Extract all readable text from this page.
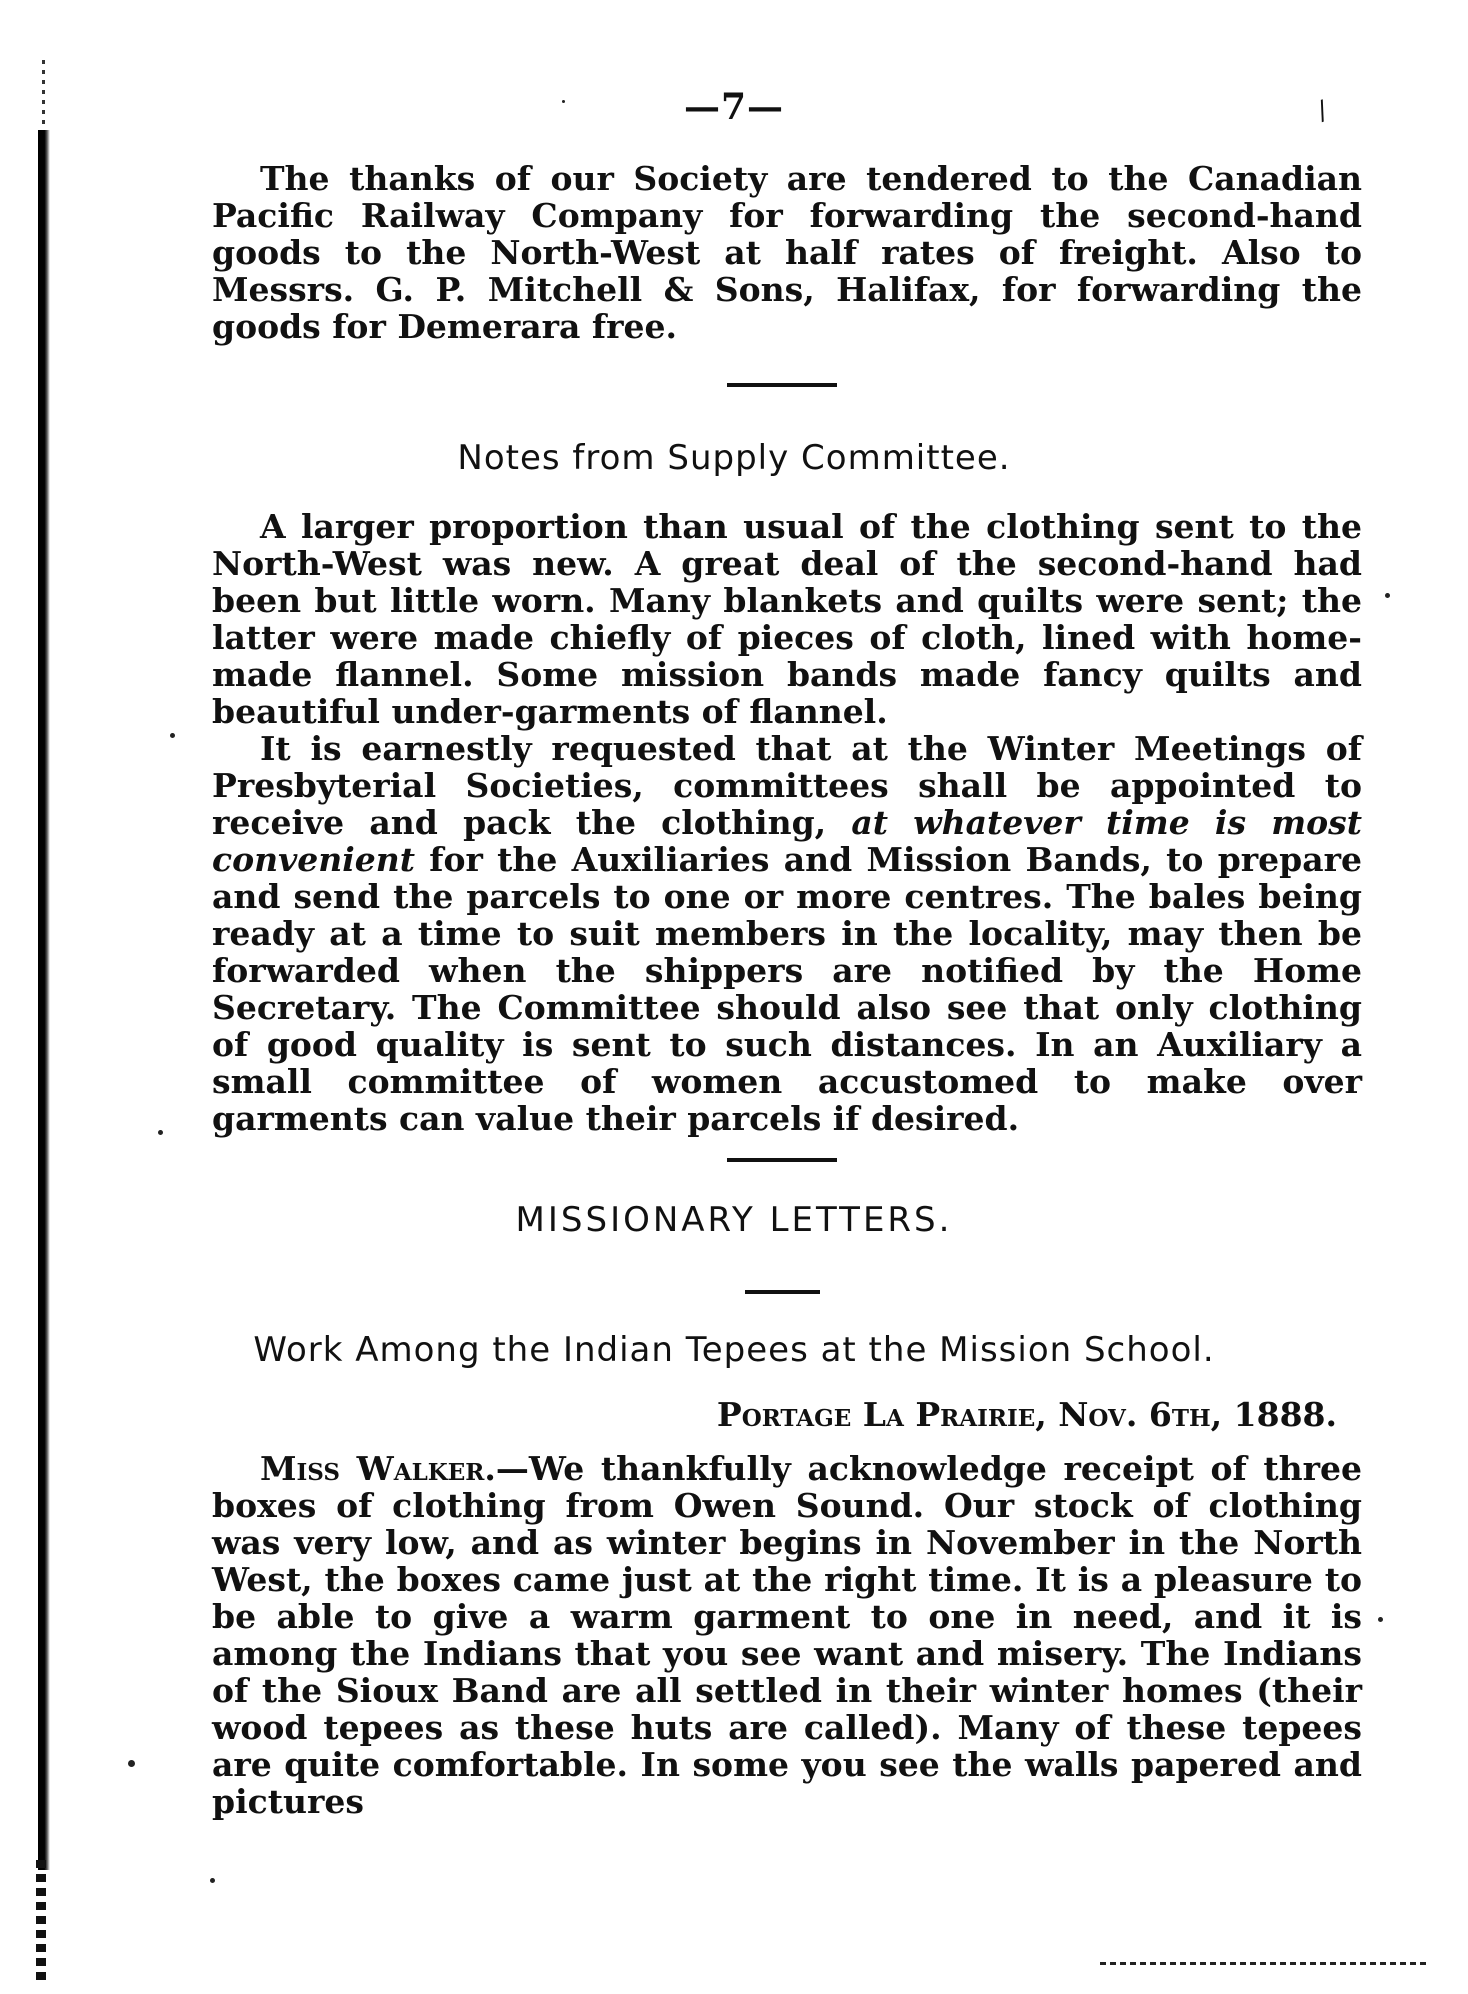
—7—	/

The thanks of our Society are tendered to the Canadian Pacific Railway Company for forwarding the second-hand goods to the North-West at half rates of freight. Also to Messrs. G. P. Mitchell & Sons, Halifax, for forwarding the goods for Demerara free.

Notes from Supply Committee.

A larger proportion than usual of the clothing sent to the North-West was new. A great deal of the second-hand had been but little worn. Many blankets and quilts were sent; the latter were made chiefly of pieces of cloth, lined with home-made flannel. Some mission bands made fancy quilts and beautiful under-garments of flannel.

It is earnestly requested that at the Winter Meetings of Presbyterial Societies, committees shall be appointed to receive and pack the clothing, at whatever time is most convenient for the Auxiliaries and Mission Bands, to prepare and send the parcels to one or more centres. The bales being ready at a time to suit members in the locality, may then be forwarded when the shippers are notified by the Home Secretary. The Committee should also see that only clothing of good quality is sent to such distances. In an Auxiliary a small committee of women accustomed to make over garments can value their parcels if desired.

MISSIONARY LETTERS.
Work Among the Indian Tepees at the Mission School.
Portage La Prairie, Nov. 6th, 1888.

Miss Walker.—We thankfully acknowledge receipt of three boxes of clothing from Owen Sound. Our stock of clothing was very low, and as winter begins in November in the North West, the boxes came just at the right time. It is a pleasure to be able to give a warm garment to one in need, and it is among the Indians that you see want and misery. The Indians of the Sioux Band are all settled in their winter homes (their wood tepees as these huts are called). Many of these tepees are quite comfortable. In some you see the walls papered and pictures
